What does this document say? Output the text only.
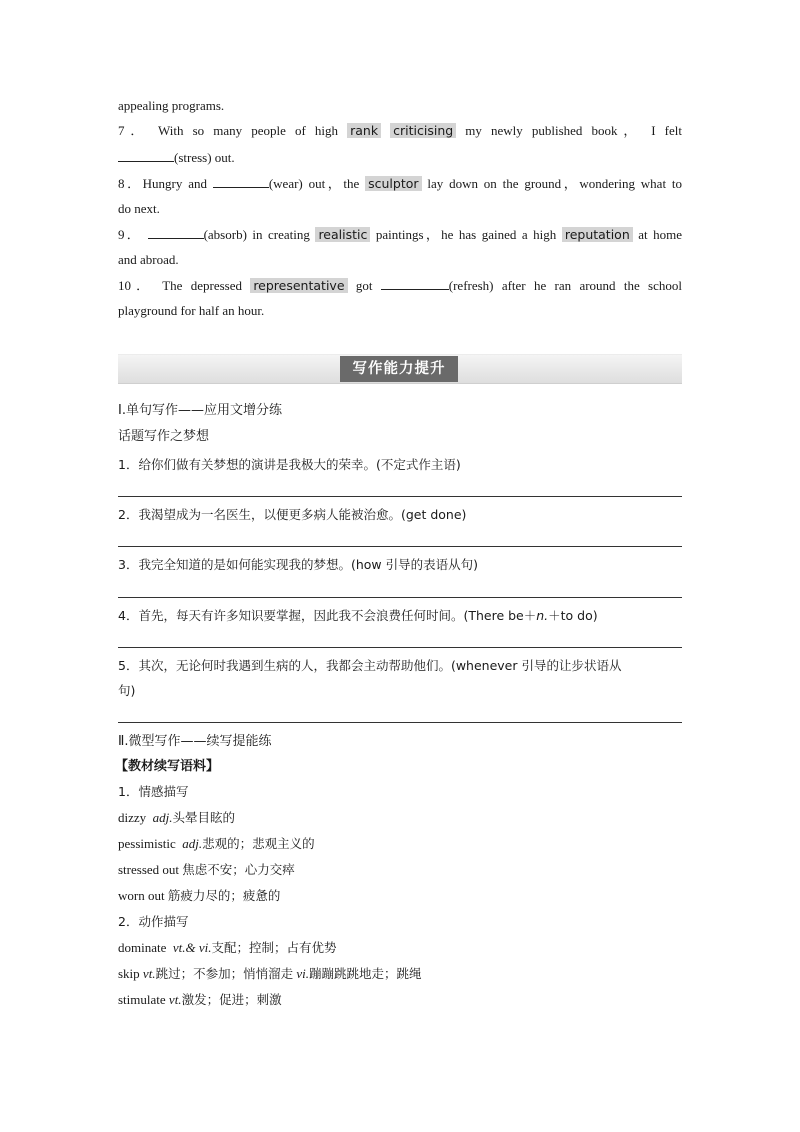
appealing programs.
7． With so many people of high rank criticising my newly published book， I felt
(stress) out.
8．Hungry and	(wear) out，the sculptor lay down on the ground，wondering what to
do next.
9．	(absorb) in creating realistic paintings，he has gained a high reputation at home
and abroad.
10． The depressed representative got	(refresh) after he ran around the school
playground for half an hour.
写作能力提升
Ⅰ.单句写作——应用文增分练
话题写作之梦想
1．给你们做有关梦想的演讲是我极大的荣幸。(不定式作主语)
2．我渴望成为一名医生，以便更多病人能被治愈。(get done)
3．我完全知道的是如何能实现我的梦想。(how 引导的表语从句)
4．首先，每天有许多知识要掌握，因此我不会浪费任何时间。(There be＋n.＋to do)
5．其次，无论何时我遇到生病的人，我都会主动帮助他们。(whenever 引导的让步状语从
句)
Ⅱ.微型写作——续写提能练
【教材续写语料】
1．情感描写
dizzy adj.头晕目眩的
pessimistic adj.悲观的；悲观主义的
stressed out 焦虑不安；心力交瘁
worn out 筋疲力尽的；疲惫的
2．动作描写
dominate vt.& vi.支配；控制；占有优势
skip vt.跳过；不参加；悄悄溜走 vi.蹦蹦跳跳地走；跳绳
stimulate vt.激发；促进；刺激
